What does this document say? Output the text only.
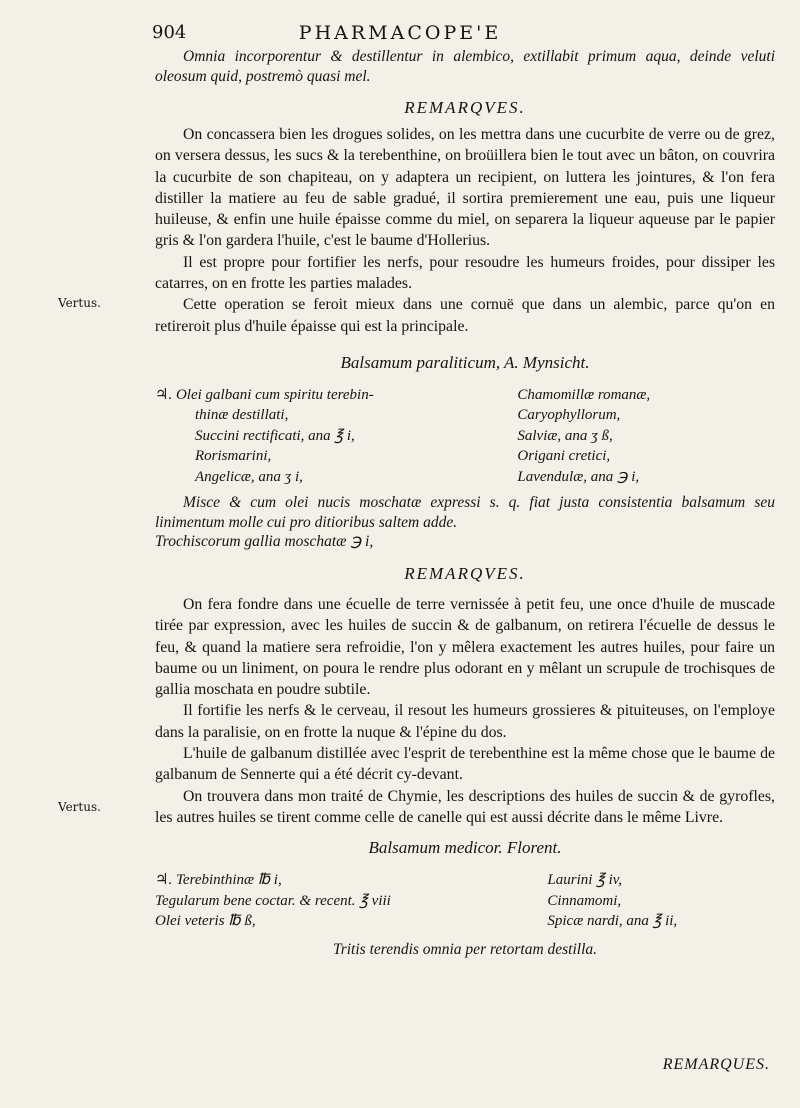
904	PHARMACOPE'E
Vertus.
Vertus.

Omnia incorporentur & destillentur in alembico, extillabit primum aqua, deinde veluti oleosum quid, postremò quasi mel.

REMARQVES.

On concassera bien les drogues solides, on les mettra dans une cucurbite de verre ou de grez, on versera dessus, les sucs & la terebenthine, on broüillera bien le tout avec un bâton, on couvrira la cucurbite de son chapiteau, on y adaptera un recipient, on luttera les jointures, & l'on fera distiller la matiere au feu de sable gradué, il sortira premierement une eau, puis une liqueur huileuse, & enfin une huile épaisse comme du miel, on separera la liqueur aqueuse par le papier gris & l'on gardera l'huile, c'est le baume d'Hollerius.

Il est propre pour fortifier les nerfs, pour resoudre les humeurs froides, pour dissiper les catarres, on en frotte les parties malades.

Cette operation se feroit mieux dans une cornuë que dans un alembic, parce qu'on en retireroit plus d'huile épaisse qui est la principale.

Balsamum paraliticum, A. Mynsicht.

♃. Olei galbani cum spiritu terebin-
thinæ destillati,
Succini rectificati, ana ℥ i,
Rorismarini,
Angelicæ, ana ʒ i,
Chamomillæ romanæ,
Caryophyllorum,
Salviæ, ana ʒ ß,
Origani cretici,
Lavendulæ, ana ℈ i,

Misce & cum olei nucis moschatæ expressi s. q. fiat justa consistentia balsamum seu linimentum molle cui pro ditioribus saltem adde.

Trochiscorum gallia moschatæ ℈ i,

REMARQVES.

On fera fondre dans une écuelle de terre vernissée à petit feu, une once d'huile de muscade tirée par expression, avec les huiles de succin & de galbanum, on retirera l'écuelle de dessus le feu, & quand la matiere sera refroidie, l'on y mêlera exactement les autres huiles, pour faire un baume ou un liniment, on poura le rendre plus odorant en y mêlant un scrupule de trochisques de gallia moschata en poudre subtile.

Il fortifie les nerfs & le cerveau, il resout les humeurs grossieres & pituiteuses, on l'employe dans la paralisie, on en frotte la nuque & l'épine du dos.

L'huile de galbanum distillée avec l'esprit de terebenthine est la même chose que le baume de galbanum de Sennerte qui a été décrit cy-devant.

On trouvera dans mon traité de Chymie, les descriptions des huiles de succin & de gyrofles, les autres huiles se tirent comme celle de canelle qui est aussi décrite dans le même Livre.

Balsamum medicor. Florent.

♃. Terebinthinæ ℔ i,
Tegularum bene coctar. & recent. ℥ viii
Olei veteris ℔ ß,
Laurini ℥ iv,
Cinnamomi,
Spicæ nardi, ana ℥ ii,

Tritis terendis omnia per retortam destilla.

REMARQUES.
